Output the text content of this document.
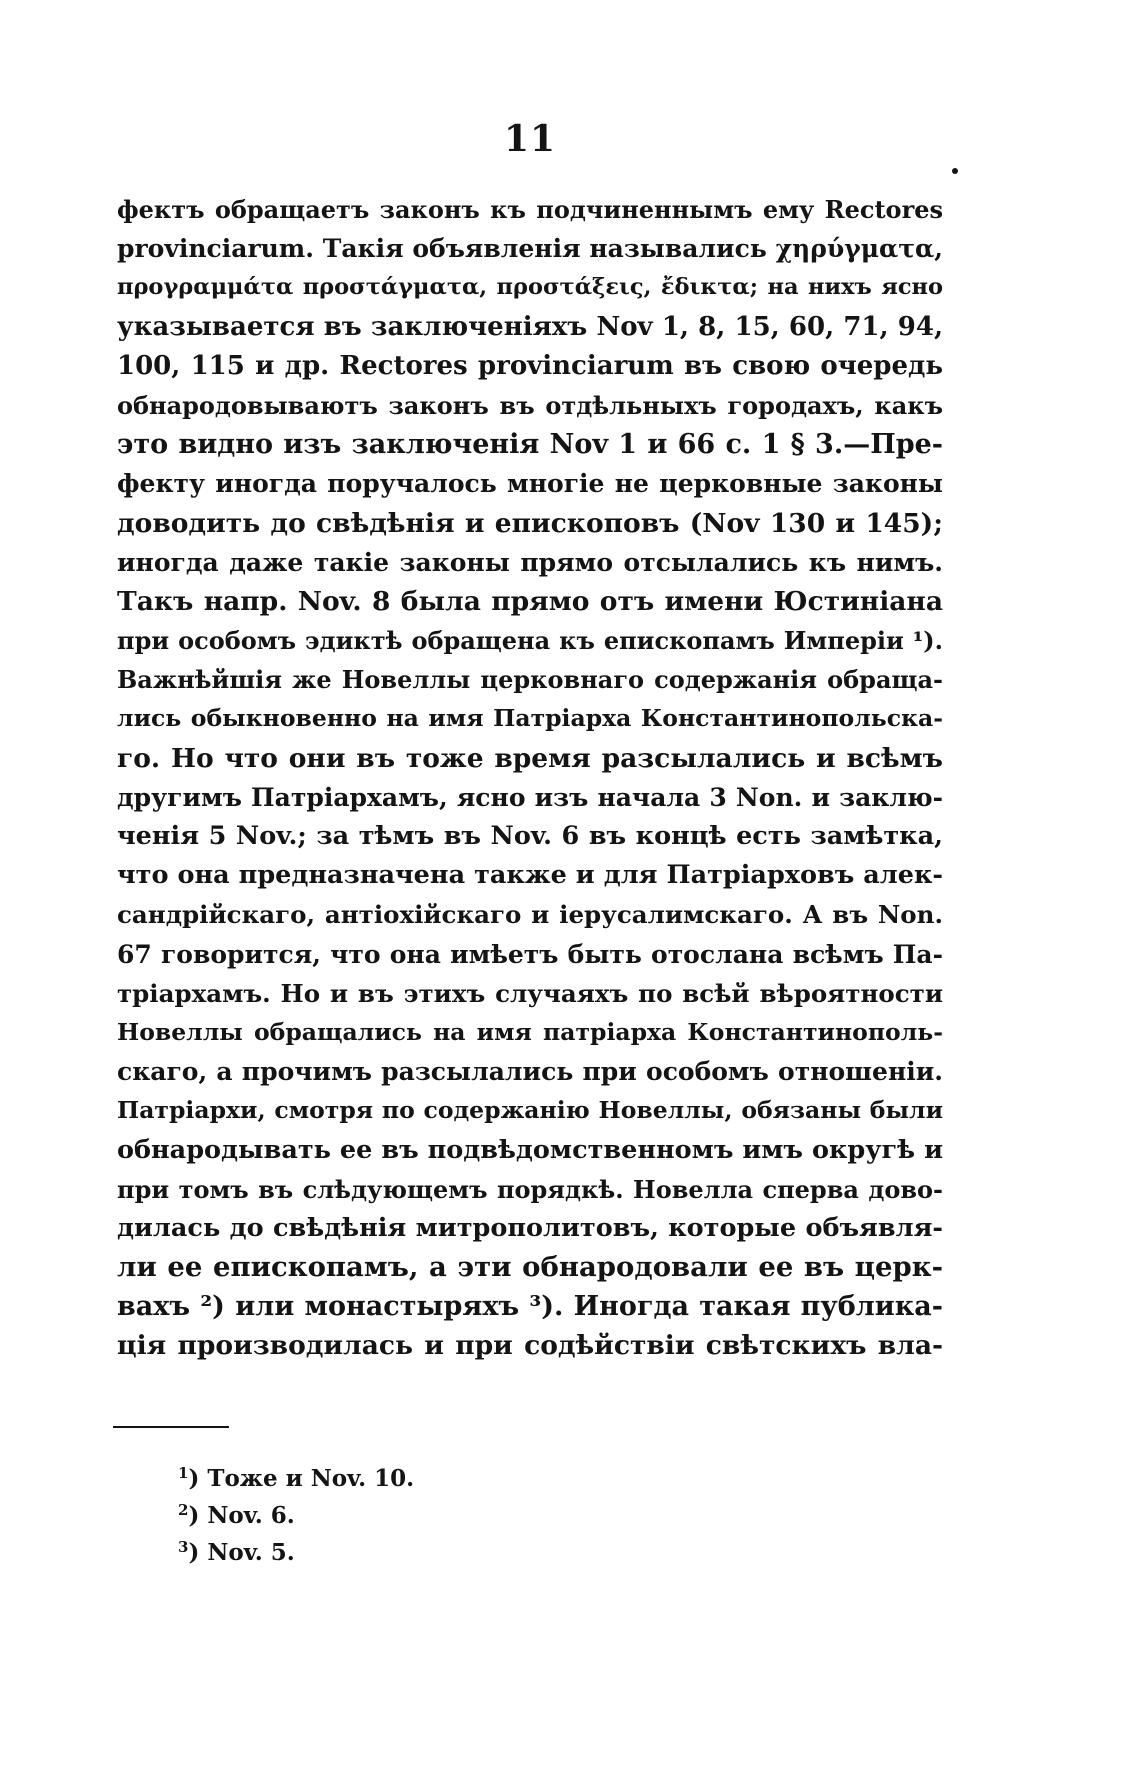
11
фектъ обращаетъ законъ къ подчиненнымъ ему Rectores
provinciarum. Такія объявленія назывались χηρύγματα,
προγραμμάτα προστάγματα, προστάξεις, ἔδικτα; на нихъ ясно
указывается въ заключеніяхъ Nov 1, 8, 15, 60, 71, 94,
100, 115 и др. Rectores provinciarum въ свою очередь
обнародовываютъ законъ въ отдѣльныхъ городахъ, какъ
это видно изъ заключенія Nov 1 и 66 с. 1 § 3.—Пре-
фекту иногда поручалось многіе не церковные законы
доводить до свѣдѣнія и епископовъ (Nov 130 и 145);
иногда даже такіе законы прямо отсылались къ нимъ.
Такъ напр. Nov. 8 была прямо отъ имени Юстиніана
при особомъ эдиктѣ обращена къ епископамъ Имперіи ¹).
Важнѣйшія же Новеллы церковнаго содержанія обраща-
лись обыкновенно на имя Патріарха Константинопольска-
го. Но что они въ тоже время разсылались и всѣмъ
другимъ Патріархамъ, ясно изъ начала 3 Non. и заклю-
ченія 5 Nov.; за тѣмъ въ Nov. 6 въ концѣ есть замѣтка,
что она предназначена также и для Патріарховъ алек-
сандрійскаго, антіохійскаго и іерусалимскаго. А въ Non.
67 говорится, что она имѣетъ быть отослана всѣмъ Па-
тріархамъ. Но и въ этихъ случаяхъ по всѣй вѣроятности
Новеллы обращались на имя патріарха Константинополь-
скаго, а прочимъ разсылались при особомъ отношеніи.
Патріархи, смотря по содержанію Новеллы, обязаны были
обнародывать ее въ подвѣдомственномъ имъ округѣ и
при томъ въ слѣдующемъ порядкѣ. Новелла сперва дово-
дилась до свѣдѣнія митрополитовъ, которые объявля-
ли ее епископамъ, а эти обнародовали ее въ церк-
вахъ ²) или монастыряхъ ³). Иногда такая публика-
ція производилась и при содѣйствіи свѣтскихъ вла-
$^1$) Тоже и Nov. 10.
$^2$) Nov. 6.
$^3$) Nov. 5.
